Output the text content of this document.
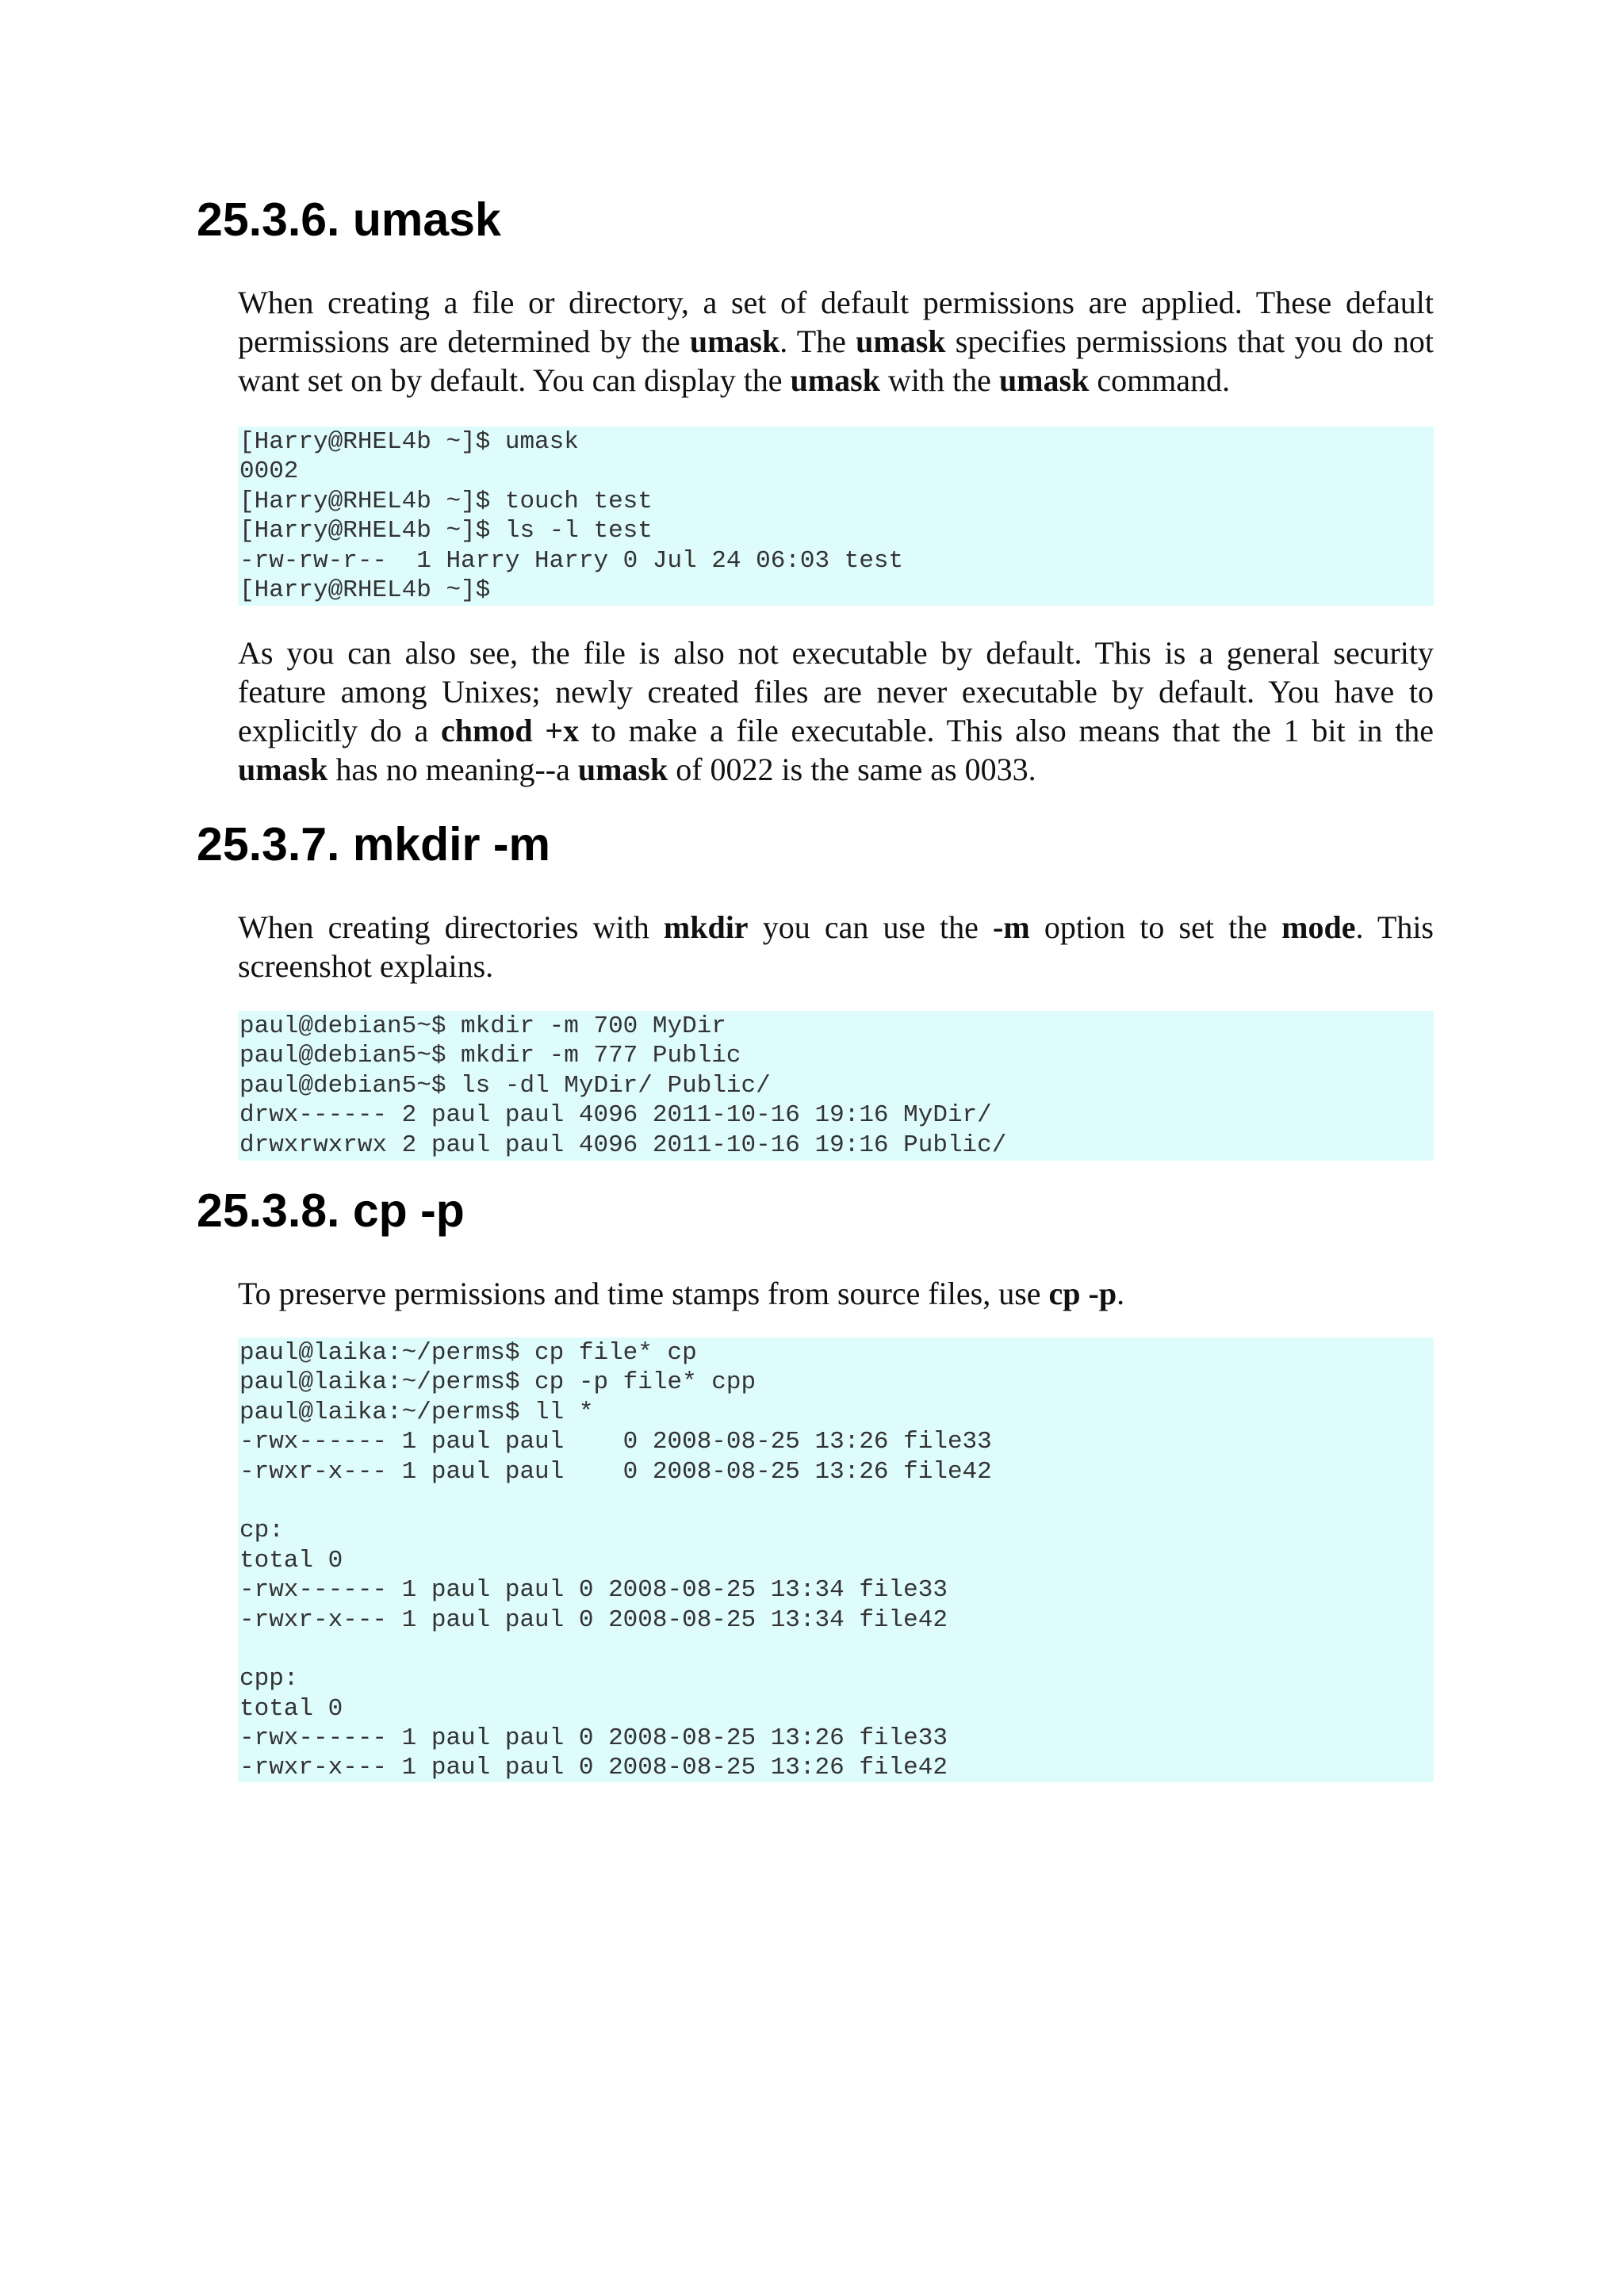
25.3.6. umask

When creating a file or directory, a set of default permissions are applied. These default permissions are determined by the umask. The umask specifies permissions that you do not want set on by default. You can display the umask with the umask command.

[Harry@RHEL4b ~]$ umask
0002
[Harry@RHEL4b ~]$ touch test
[Harry@RHEL4b ~]$ ls -l test
-rw-rw-r--  1 Harry Harry 0 Jul 24 06:03 test
[Harry@RHEL4b ~]$

As you can also see, the file is also not executable by default. This is a general security feature among Unixes; newly created files are never executable by default. You have to explicitly do a chmod +x to make a file executable. This also means that the 1 bit in the umask has no meaning--a umask of 0022 is the same as 0033.

25.3.7. mkdir -m

When creating directories with mkdir you can use the -m option to set the mode. This screenshot explains.

paul@debian5~$ mkdir -m 700 MyDir
paul@debian5~$ mkdir -m 777 Public
paul@debian5~$ ls -dl MyDir/ Public/
drwx------ 2 paul paul 4096 2011-10-16 19:16 MyDir/
drwxrwxrwx 2 paul paul 4096 2011-10-16 19:16 Public/
25.3.8. cp -p

To preserve permissions and time stamps from source files, use cp -p.

paul@laika:~/perms$ cp file* cp
paul@laika:~/perms$ cp -p file* cpp
paul@laika:~/perms$ ll *
-rwx------ 1 paul paul    0 2008-08-25 13:26 file33
-rwxr-x--- 1 paul paul    0 2008-08-25 13:26 file42
cp:
total 0
-rwx------ 1 paul paul 0 2008-08-25 13:34 file33
-rwxr-x--- 1 paul paul 0 2008-08-25 13:34 file42
cpp:
total 0
-rwx------ 1 paul paul 0 2008-08-25 13:26 file33
-rwxr-x--- 1 paul paul 0 2008-08-25 13:26 file42
